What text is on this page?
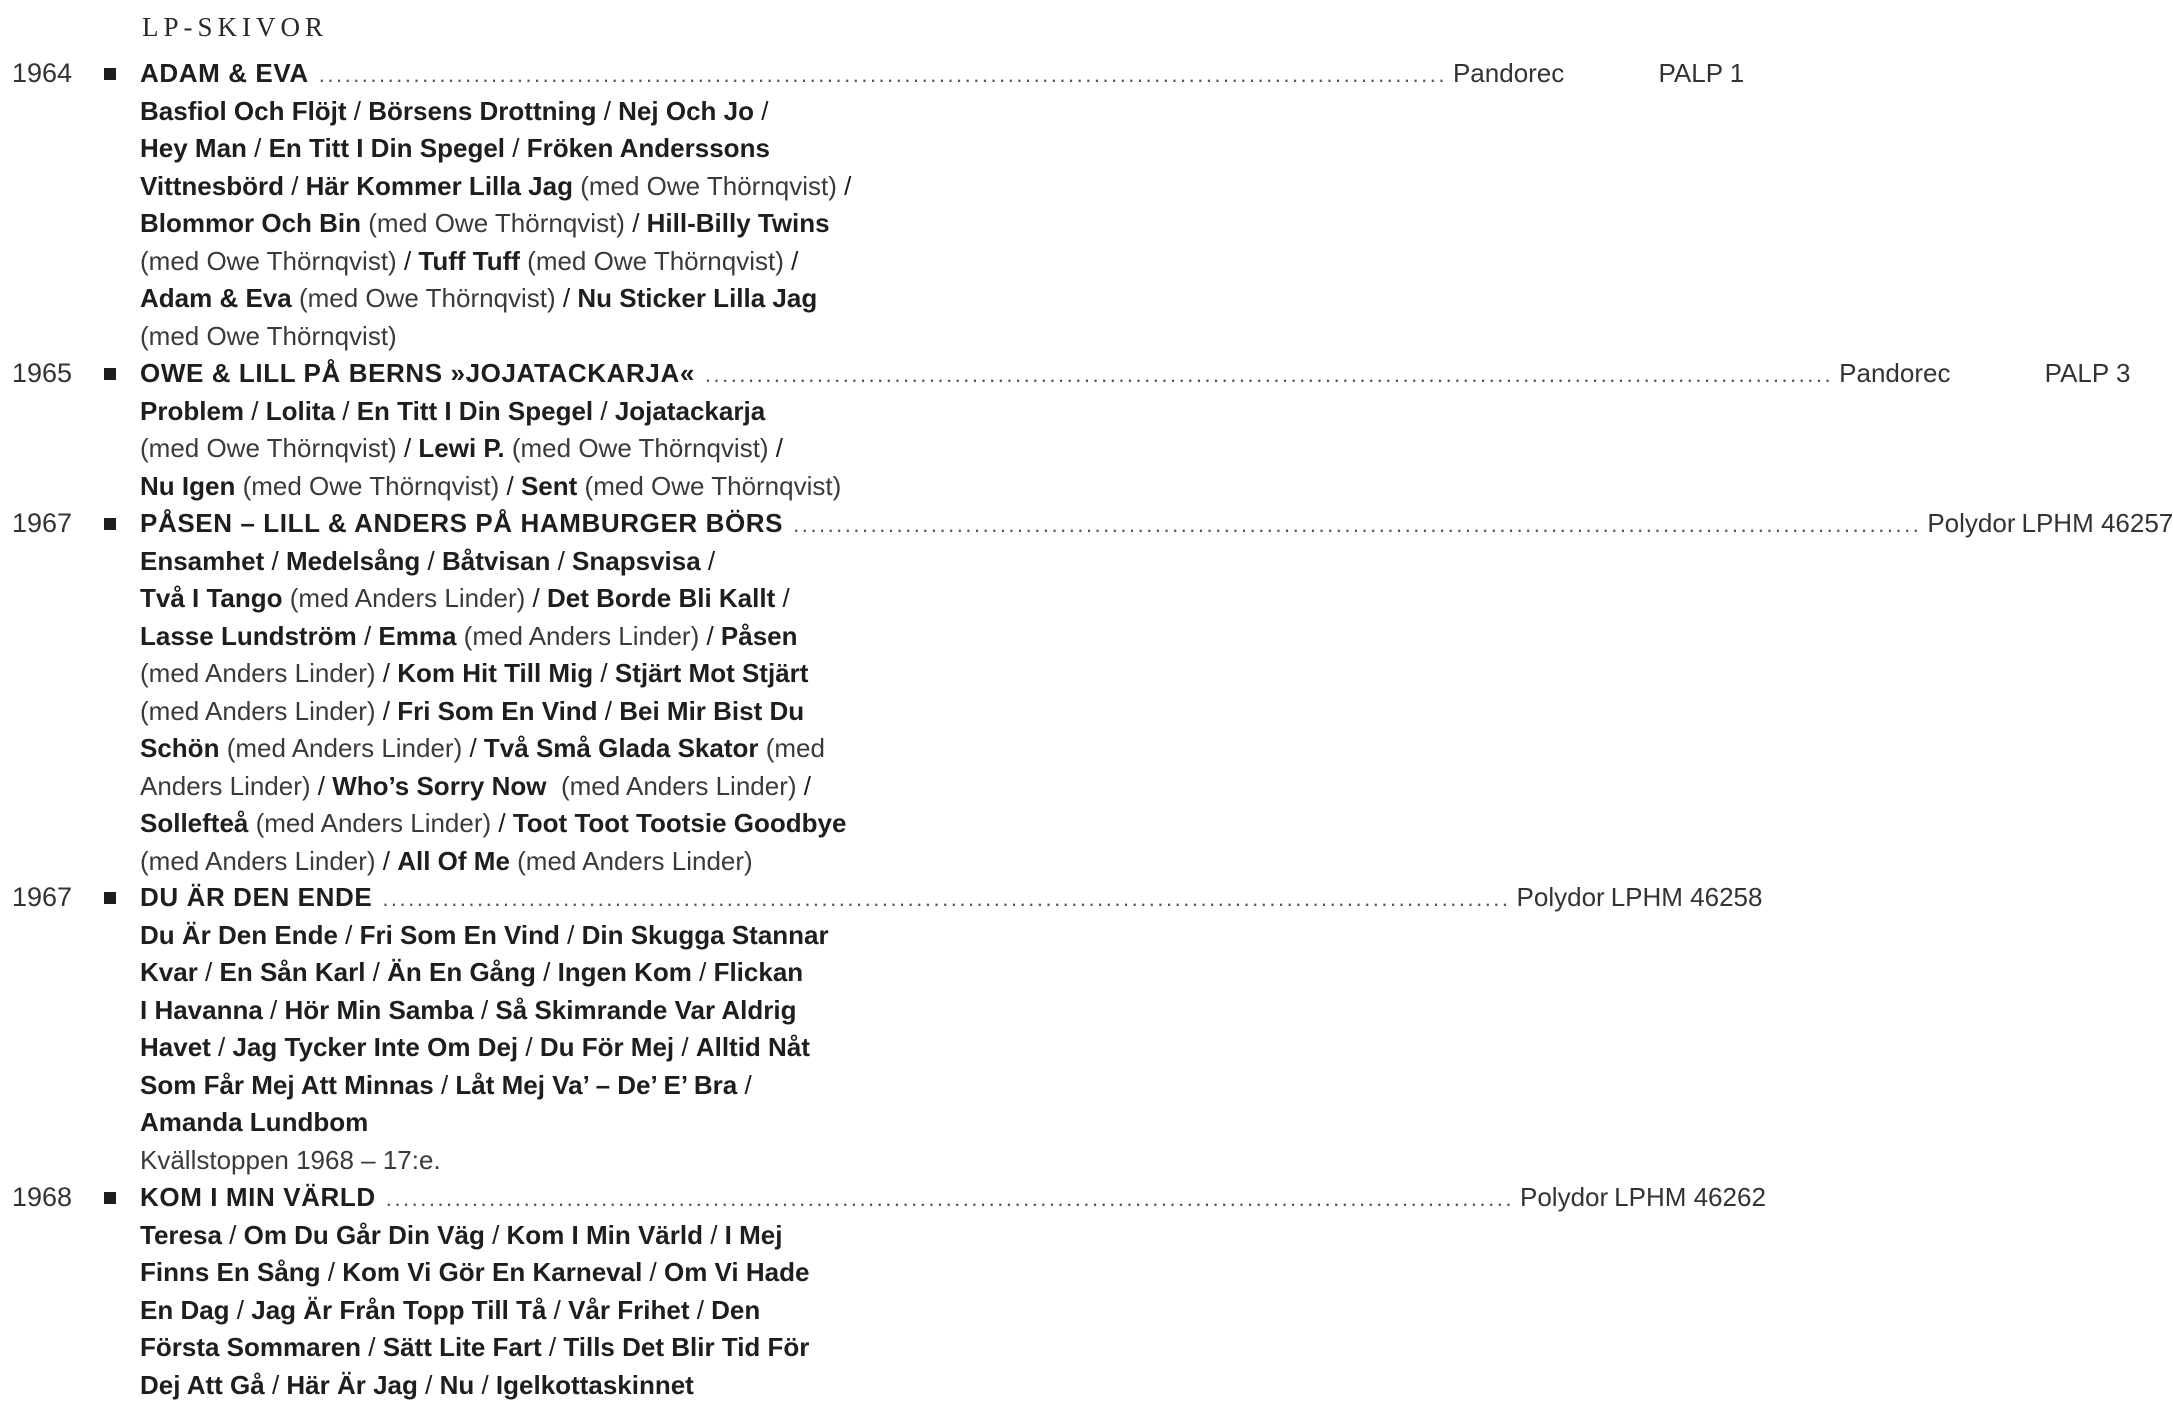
LP-SKIVOR
1964	ADAM & EVA ................................................................................................................................... Pandorec	PALP 1
Basfiol Och Flöjt / Börsens Drottning / Nej Och Jo /
Hey Man / En Titt I Din Spegel / Fröken Anderssons
Vittnesbörd / Här Kommer Lilla Jag (med Owe Thörnqvist) /
Blommor Och Bin (med Owe Thörnqvist) / Hill-Billy Twins
(med Owe Thörnqvist) / Tuff Tuff (med Owe Thörnqvist) /
Adam & Eva (med Owe Thörnqvist) / Nu Sticker Lilla Jag
(med Owe Thörnqvist)
1965	OWE & LILL PÅ BERNS »JOJATACKARJA« ................................................................................................................................... Pandorec	PALP 3
Problem / Lolita / En Titt I Din Spegel / Jojatackarja
(med Owe Thörnqvist) / Lewi P. (med Owe Thörnqvist) /
Nu Igen (med Owe Thörnqvist) / Sent (med Owe Thörnqvist)
1967	PÅSEN – LILL & ANDERS PÅ HAMBURGER BÖRS ................................................................................................................................... Polydor LPHM 46257
Ensamhet / Medelsång / Båtvisan / Snapsvisa /
Två I Tango (med Anders Linder) / Det Borde Bli Kallt /
Lasse Lundström / Emma (med Anders Linder) / Påsen
(med Anders Linder) / Kom Hit Till Mig / Stjärt Mot Stjärt
(med Anders Linder) / Fri Som En Vind / Bei Mir Bist Du
Schön (med Anders Linder) / Två Små Glada Skator (med
Anders Linder) / Who’s Sorry Now (med Anders Linder) /
Sollefteå (med Anders Linder) / Toot Toot Tootsie Goodbye
(med Anders Linder) / All Of Me (med Anders Linder)
1967	DU ÄR DEN ENDE ................................................................................................................................... Polydor LPHM 46258
Du Är Den Ende / Fri Som En Vind / Din Skugga Stannar
Kvar / En Sån Karl / Än En Gång / Ingen Kom / Flickan
I Havanna / Hör Min Samba / Så Skimrande Var Aldrig
Havet / Jag Tycker Inte Om Dej / Du För Mej / Alltid Nåt
Som Får Mej Att Minnas / Låt Mej Va’ – De’ E’ Bra /
Amanda Lundbom
Kvällstoppen 1968 – 17:e.
1968	KOM I MIN VÄRLD ................................................................................................................................... Polydor LPHM 46262
Teresa / Om Du Går Din Väg / Kom I Min Värld / I Mej
Finns En Sång / Kom Vi Gör En Karneval / Om Vi Hade
En Dag / Jag Är Från Topp Till Tå / Vår Frihet / Den
Första Sommaren / Sätt Lite Fart / Tills Det Blir Tid För
Dej Att Gå / Här Är Jag / Nu / Igelkottaskinnet
